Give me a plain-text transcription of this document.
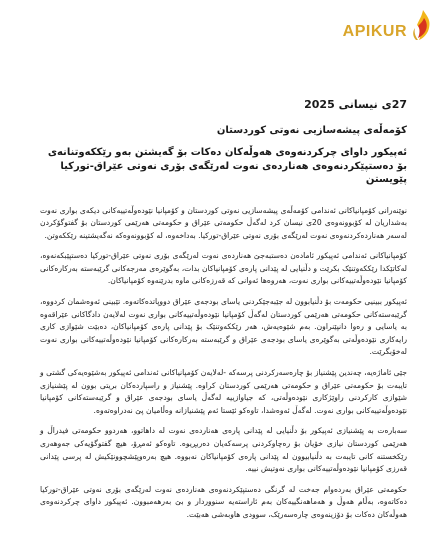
APIKUR
27ی نیسانی 2025
کۆمەڵەی پیشەسازیی نەوتی کوردستان
ئەپیکور داوای چرکردنەوەی هەوڵەکان دەکات بۆ گەیشتن بەو رێککەوتنانەی بۆ دەستپێکردنەوەی هەناردەی نەوت لەرێگەی بۆری نەوتی عێراق-تورکیا پێویستن

نوێنەرانی کۆمپانیاکانی ئەندامی کۆمەڵەی پیشەسازیی نەوتی کوردستان و کۆمپانیا نێودەوڵەتییەکانی دیکەی بواری نەوت بەشداریان لە کۆبوونەوەی 20ی نیسان کرد لەگەڵ حکومەتی عێراق و حکومەتی هەرێمی کوردستان بۆ گفتوگۆکردن لەسەر هەناردەکردنەوەی نەوت لەرێگەی بۆری نەوتی عێراق-تورکیا. بەداخەوە، لە کۆبوونەوەکە نەگەیشتینە رێککەوتن.

کۆمپانیاکانی ئەندامی ئەپیکور ئامادەن دەستبەجێ هەناردەی نەوت لەرێگەی بۆری نەوتی عێراق-تورکیا دەستپێبکەنەوە، لەکاتێکدا رێککەوتنێک بکرێت و دڵنیایی لە پێدانی پارەی کۆمپانیاکان بدات، بەگوێرەی مەرجەکانی گرێبەستە بەرکارەکانی کۆمپانیا نێودەوڵەتییەکانی بواری نەوت، هەروەها ئەوانی کە قەرزەکانی ماوە بدرێنەوە کۆمپانیاکان.

ئەپیکور ببینیی حکومەت بۆ دڵنیابوون لە جێبەجێکردنی یاسای بودجەی عێراق دووپاتدەکاتەوە. تێبینی ئەوەشمان کردووە، گرێبەستەکانی حکومەتی هەرێمی کوردستان لەگەڵ کۆمپانیا نێودەوڵەتییەکانی بواری نەوت لەلایەن دادگاکانی عێراقەوە بە یاسایی و رەوا دانپێنراون. بەم شێوەیەش، هەر رێککەوتنێک بۆ پێدانی پارەی کۆمپانیاکان، دەبێت شێوازی کاری رایەکاری نێودەوڵەتی بەگوێرەی یاسای بودجەی عێراق و گرێبەستە بەرکارەکانی کۆمپانیا نێودەوڵەتییەکانی بواری نەوت لەخۆبگرێت.

جێی ئاماژەیە، چەندین پێشنیاز بۆ چارەسەرکردنی پرسەکە -لەلایەن کۆمپانیاکانی ئەندامی ئەپیکور بەشێوەیەکی گشتی و تایبەت بۆ حکومەتی عێراق و حکومەتی هەرێمی کوردستان کراوە. پێشنیاز و راسپاردەکان بریتی بوون لە پێشنیازی شێوازی کارکردنی راوێژکاری نێودەوڵەتی، کە جیاوازییە لەگەڵ یاسای بودجەی عێراق و گرێبەستەکانی کۆمپانیا نێودەوڵەتییەکانی بواری نەوت. لەگەڵ ئەوەشدا، تاوەکو ئێستا ئەم پێشنیازانە وەڵامیان پێ نەدراوەتەوە.

سەبارەت بە پێشنیازی ئەپیکور بۆ دڵنیایی لە پێدانی پارەی هەناردەی نەوت لە داهاتوو، هەردوو حکومەتی فیدراڵ و هەرێمی کوردستان نیازی خۆیان بۆ رەچاوکردنی پرسەکەیان دەربڕیوە. تاوەکو ئەمڕۆ، هیچ گفتوگۆیەکی جەوهەری رێکخستنە کانی تایبەت بە دڵنیابیوون لە پێدانی پارەی کۆمپانیاکان نەبووە. هیچ بەرەوپێشچوونێکیش لە پرسی پێدانی قەرزی کۆمپانیا نێودەوڵەتییەکانی بواری نەوتیش نییە.

حکومەتی عێراق بەردەوام جەخت لە گرنگی دەستپێکردنەوەی هەناردەی نەوت لەرێگەی بۆری نەوتی عێراق-تورکیا دەکاتەوە، بەڵام هەوڵ و هەماهەنگییەکان بەم ئاراستەیە سنووردار و بێ بەرهەمبوون. ئەپیکور داوای چرکردنەوەی هەوڵەکان دەکات بۆ دۆزینەوەی چارەسەرێک، سوودی هاوبەشی هەبێت.
